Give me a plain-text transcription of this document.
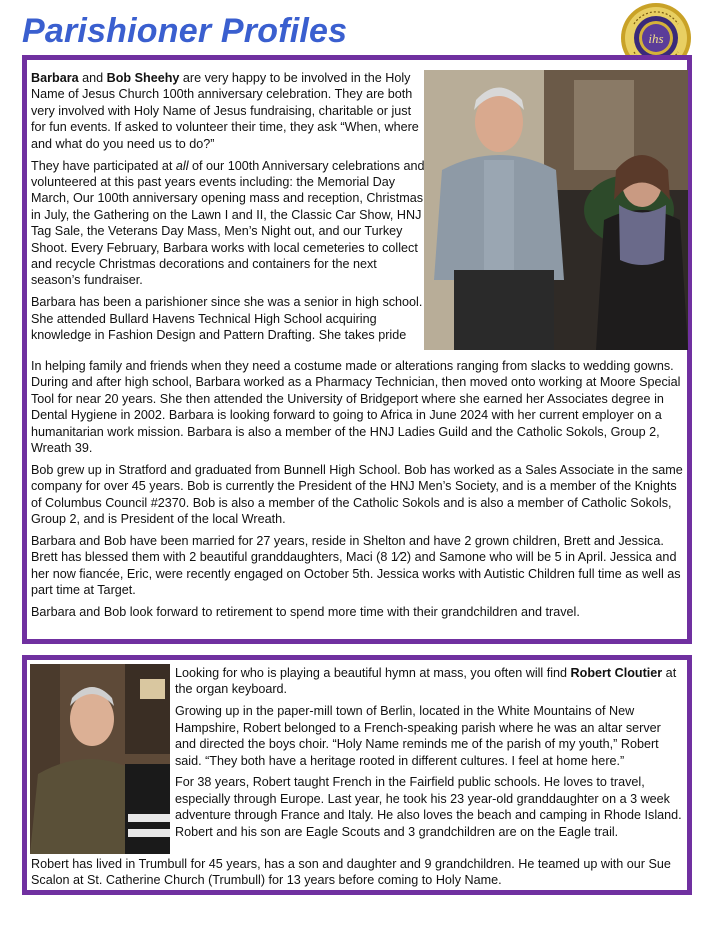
Parishioner Profiles	ihs

Barbara and Bob Sheehy are very happy to be involved in the Holy Name of Jesus Church 100th anniversary celebration. They are both very involved with Holy Name of Jesus fundraising, charitable or just for fun events. If asked to volunteer their time, they ask “When, where and what do you need us to do?”

They have participated at all of our 100th Anniversary celebrations and volunteered at this past years events including: the Memorial Day March, Our 100th anniversary opening mass and reception, Christmas in July, the Gathering on the Lawn I and II, the Classic Car Show, HNJ Tag Sale, the Veterans Day Mass, Men’s Night out, and our Turkey Shoot. Every February, Barbara works with local cemeteries to collect and recycle Christmas decorations and containers for the next season’s fundraiser.

Barbara has been a parishioner since she was a senior in high school. She attended Bullard Havens Technical High School acquiring knowledge in Fashion Design and Pattern Drafting. She takes pride

In helping family and friends when they need a costume made or alterations ranging from slacks to wedding gowns. During and after high school, Barbara worked as a Pharmacy Technician, then moved onto working at Moore Special Tool for near 20 years. She then attended the University of Bridgeport where she earned her Associates degree in Dental Hygiene in 2002. Barbara is looking forward to going to Africa in June 2024 with her current employer on a humanitarian work mission. Barbara is also a member of the HNJ Ladies Guild and the Catholic Sokols, Group 2, Wreath 39.

Bob grew up in Stratford and graduated from Bunnell High School. Bob has worked as a Sales Associate in the same company for over 45 years. Bob is currently the President of the HNJ Men’s Society, and is a member of the Knights of Columbus Council #2370. Bob is also a member of the Catholic Sokols and is also a member of Catholic Sokols, Group 2, and is President of the local Wreath.

Barbara and Bob have been married for 27 years, reside in Shelton and have 2 grown children, Brett and Jessica. Brett has blessed them with 2 beautiful granddaughters, Maci (8 1⁄2) and Samone who will be 5 in April. Jessica and her now fiancée, Eric, were recently engaged on October 5th. Jessica works with Autistic Children full time as well as part time at Target.

Barbara and Bob look forward to retirement to spend more time with their grandchildren and travel.

Looking for who is playing a beautiful hymn at mass, you often will find Robert Cloutier at the organ keyboard.

Growing up in the paper-mill town of Berlin, located in the White Mountains of New Hampshire, Robert belonged to a French-speaking parish where he was an altar server and directed the boys choir. “Holy Name reminds me of the parish of my youth,” Robert said. “They both have a heritage rooted in different cultures. I feel at home here.”

For 38 years, Robert taught French in the Fairfield public schools. He loves to travel, especially through Europe. Last year, he took his 23 year-old granddaughter on a 3 week adventure through France and Italy. He also loves the beach and camping in Rhode Island. Robert and his son are Eagle Scouts and 3 grandchildren are on the Eagle trail.

Robert has lived in Trumbull for 45 years, has a son and daughter and 9 grandchildren. He teamed up with our Sue Scalon at St. Catherine Church (Trumbull) for 13 years before coming to Holy Name.
